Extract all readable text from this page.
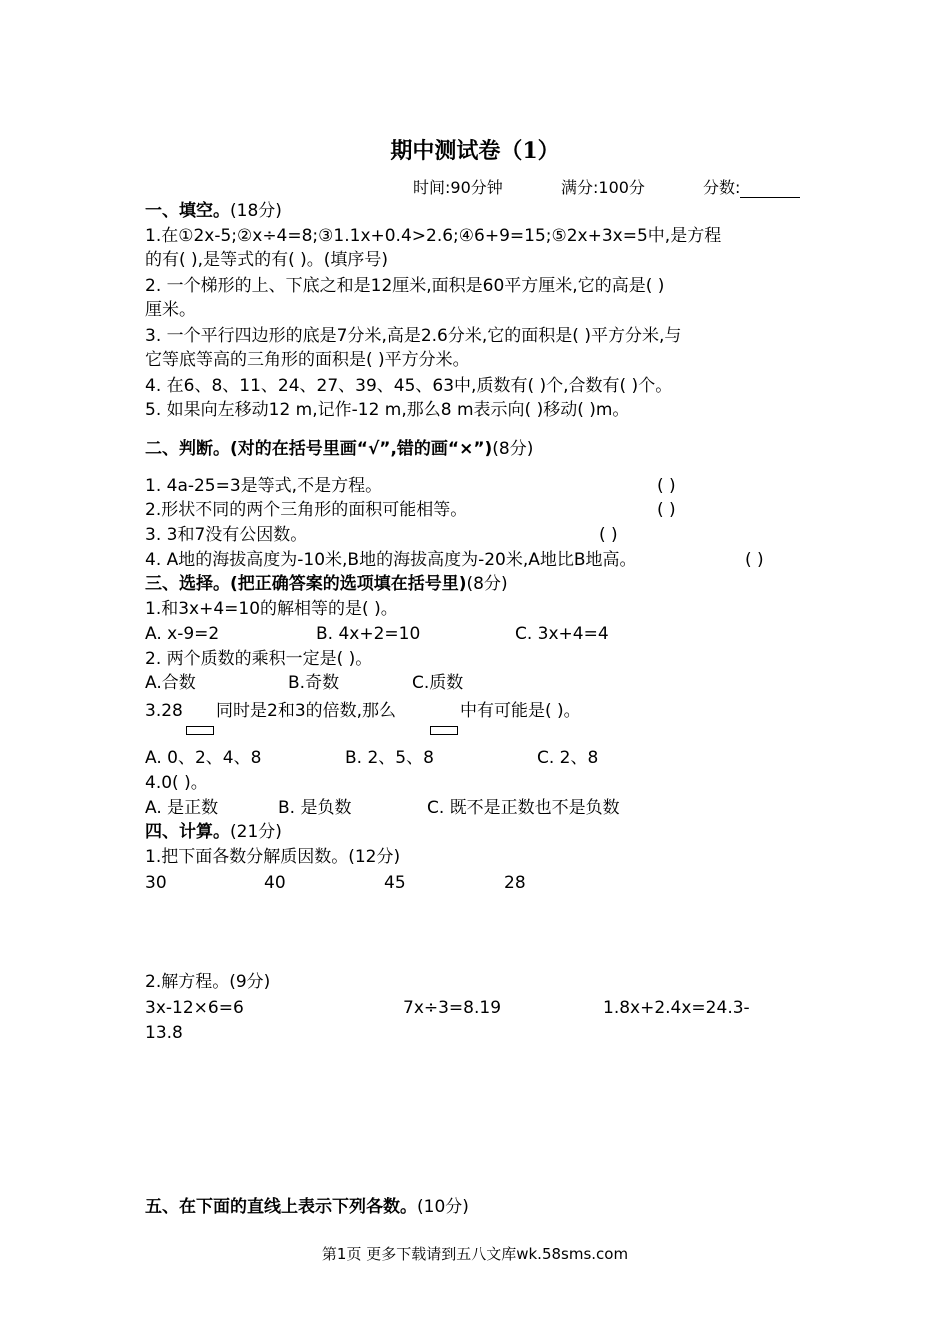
期中测试卷（1）
时间:90分钟	满分:100分	分数:
一、填空。(18分)
1.在①2x-5;②x÷4=8;③1.1x+0.4>2.6;④6+9=15;⑤2x+3x=5中,是方程
的有( ),是等式的有( )。(填序号)
2. 一个梯形的上、下底之和是12厘米,面积是60平方厘米,它的高是( )
厘米。
3. 一个平行四边形的底是7分米,高是2.6分米,它的面积是( )平方分米,与
它等底等高的三角形的面积是( )平方分米。
4. 在6、8、11、24、27、39、45、63中,质数有( )个,合数有( )个。
5. 如果向左移动12 m,记作-12 m,那么8 m表示向( )移动( )m。
二、判断。(对的在括号里画“√”,错的画“×”)(8分)
1. 4a-25=3是等式,不是方程。	( )
2.形状不同的两个三角形的面积可能相等。	( )
3. 3和7没有公因数。	( )
4. A地的海拔高度为-10米,B地的海拔高度为-20米,A地比B地高。	( )
三、选择。(把正确答案的选项填在括号里)(8分)
1.和3x+4=10的解相等的是( )。
A. x-9=2	B. 4x+2=10	C. 3x+4=4
2. 两个质数的乘积一定是( )。
A.合数	B.奇数	C.质数
3.28 同时是2和3的倍数,那么	中有可能是( )。
A. 0、2、4、8	B. 2、5、8	C. 2、8
4.0( )。
A. 是正数	B. 是负数	C. 既不是正数也不是负数
四、计算。(21分)
1.把下面各数分解质因数。(12分)
30	40	45	28
2.解方程。(9分)
3x-12×6=6	7x÷3=8.19	1.8x+2.4x=24.3-
13.8
五、在下面的直线上表示下列各数。(10分)
第1页 更多下载请到五八文库wk.58sms.com
